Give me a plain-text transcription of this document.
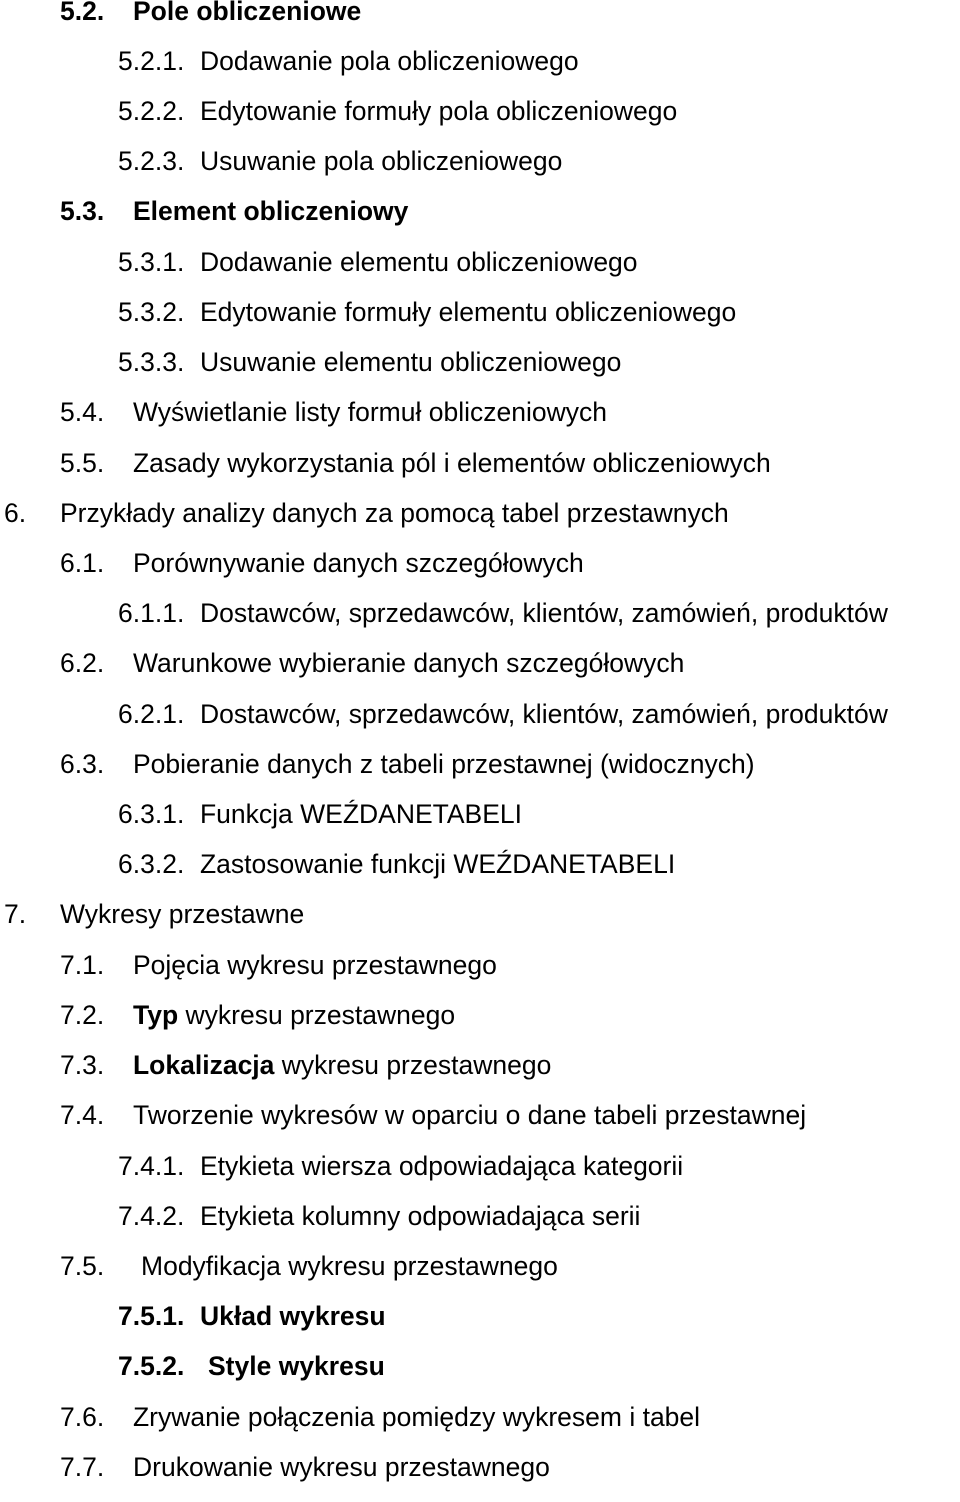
5.2. Pole obliczeniowe
5.2.1. Dodawanie pola obliczeniowego
5.2.2. Edytowanie formuły pola obliczeniowego
5.2.3. Usuwanie pola obliczeniowego
5.3. Element obliczeniowy
5.3.1. Dodawanie elementu obliczeniowego
5.3.2. Edytowanie formuły elementu obliczeniowego
5.3.3. Usuwanie elementu obliczeniowego
5.4. Wyświetlanie listy formuł obliczeniowych
5.5. Zasady wykorzystania pól i elementów obliczeniowych
6. Przykłady analizy danych za pomocą tabel przestawnych
6.1. Porównywanie danych szczegółowych
6.1.1. Dostawców, sprzedawców, klientów, zamówień, produktów
6.2. Warunkowe wybieranie danych szczegółowych
6.2.1. Dostawców, sprzedawców, klientów, zamówień, produktów
6.3. Pobieranie danych z tabeli przestawnej (widocznych)
6.3.1. Funkcja WEŹDANETABELI
6.3.2. Zastosowanie funkcji WEŹDANETABELI
7. Wykresy przestawne
7.1. Pojęcia wykresu przestawnego
7.2. Typ wykresu przestawnego
7.3. Lokalizacja wykresu przestawnego
7.4. Tworzenie wykresów w oparciu o dane tabeli przestawnej
7.4.1. Etykieta wiersza odpowiadająca kategorii
7.4.2. Etykieta kolumny odpowiadająca serii
7.5. Modyfikacja wykresu przestawnego
7.5.1. Układ wykresu
7.5.2. Style wykresu
7.6. Zrywanie połączenia pomiędzy wykresem i tabel
7.7. Drukowanie wykresu przestawnego
